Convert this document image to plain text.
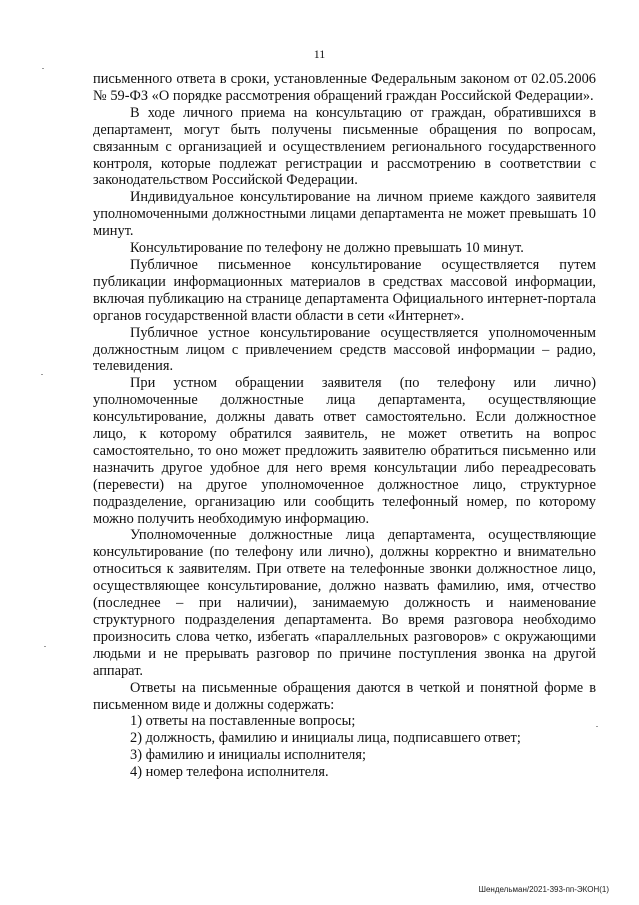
11

письменного ответа в сроки, установленные Федеральным законом от 02.05.2006 № 59-ФЗ «О порядке рассмотрения обращений граждан Российской Федерации».

В ходе личного приема на консультацию от граждан, обратившихся в департамент, могут быть получены письменные обращения по вопросам, связанным с организацией и осуществлением регионального государственного контроля, которые подлежат регистрации и рассмотрению в соответствии с законодательством Российской Федерации.

Индивидуальное консультирование на личном приеме каждого заявителя уполномоченными должностными лицами департамента не может превышать 10 минут.

Консультирование по телефону не должно превышать 10 минут.

Публичное письменное консультирование осуществляется путем публикации информационных материалов в средствах массовой информации, включая публикацию на странице департамента Официального интернет-портала органов государственной власти области в сети «Интернет».

Публичное устное консультирование осуществляется уполномоченным должностным лицом с привлечением средств массовой информации – радио, телевидения.

При устном обращении заявителя (по телефону или лично) уполномоченные должностные лица департамента, осуществляющие консультирование, должны давать ответ самостоятельно. Если должностное лицо, к которому обратился заявитель, не может ответить на вопрос самостоятельно, то оно может предложить заявителю обратиться письменно или назначить другое удобное для него время консультации либо переадресовать (перевести) на другое уполномоченное должностное лицо, структурное подразделение, организацию или сообщить телефонный номер, по которому можно получить необходимую информацию.

Уполномоченные должностные лица департамента, осуществляющие консультирование (по телефону или лично), должны корректно и внимательно относиться к заявителям. При ответе на телефонные звонки должностное лицо, осуществляющее консультирование, должно назвать фамилию, имя, отчество (последнее – при наличии), занимаемую должность и наименование структурного подразделения департамента. Во время разговора необходимо произносить слова четко, избегать «параллельных разговоров» с окружающими людьми и не прерывать разговор по причине поступления звонка на другой аппарат.

Ответы на письменные обращения даются в четкой и понятной форме в письменном виде и должны содержать:

1) ответы на поставленные вопросы;

2) должность, фамилию и инициалы лица, подписавшего ответ;

3) фамилию и инициалы исполнителя;

4) номер телефона исполнителя.

Шендельман/2021-393-пп-ЭКОН(1)
